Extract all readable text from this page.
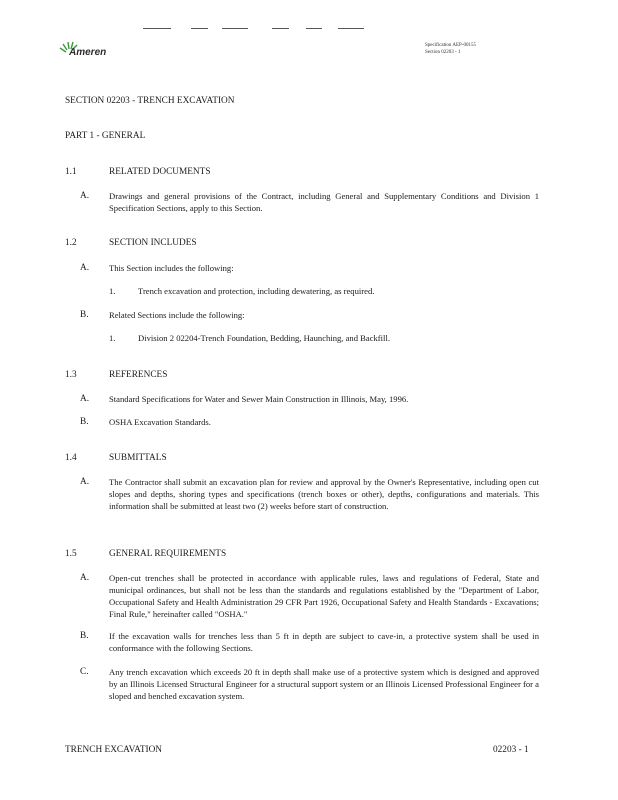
Ameren
Specification AEP-00155
Section 02203 - 1
SECTION 02203 - TRENCH EXCAVATION
PART 1 - GENERAL
1.1	RELATED DOCUMENTS
A. Drawings and general provisions of the Contract, including General and Supplementary Conditions and Division 1 Specification Sections, apply to this Section.
1.2	SECTION INCLUDES
A. This Section includes the following:
1.	Trench excavation and protection, including dewatering, as required.
B. Related Sections include the following:
1.	Division 2 02204-Trench Foundation, Bedding, Haunching, and Backfill.
1.3	REFERENCES
A. Standard Specifications for Water and Sewer Main Construction in Illinois, May, 1996.
B. OSHA Excavation Standards.
1.4	SUBMITTALS
A. The Contractor shall submit an excavation plan for review and approval by the Owner's Representative, including open cut slopes and depths, shoring types and specifications (trench boxes or other), depths, configurations and materials. This information shall be submitted at least two (2) weeks before start of construction.
1.5	GENERAL REQUIREMENTS
A. Open-cut trenches shall be protected in accordance with applicable rules, laws and regulations of Federal, State and municipal ordinances, but shall not be less than the standards and regulations established by the "Department of Labor, Occupational Safety and Health Administration 29 CFR Part 1926, Occupational Safety and Health Standards - Excavations; Final Rule," hereinafter called "OSHA."
B. If the excavation walls for trenches less than 5 ft in depth are subject to cave-in, a protective system shall be used in conformance with the following Sections.
C. Any trench excavation which exceeds 20 ft in depth shall make use of a protective system which is designed and approved by an Illinois Licensed Structural Engineer for a structural support system or an Illinois Licensed Professional Engineer for a sloped and benched excavation system.
TRENCH EXCAVATION	02203 - 1
